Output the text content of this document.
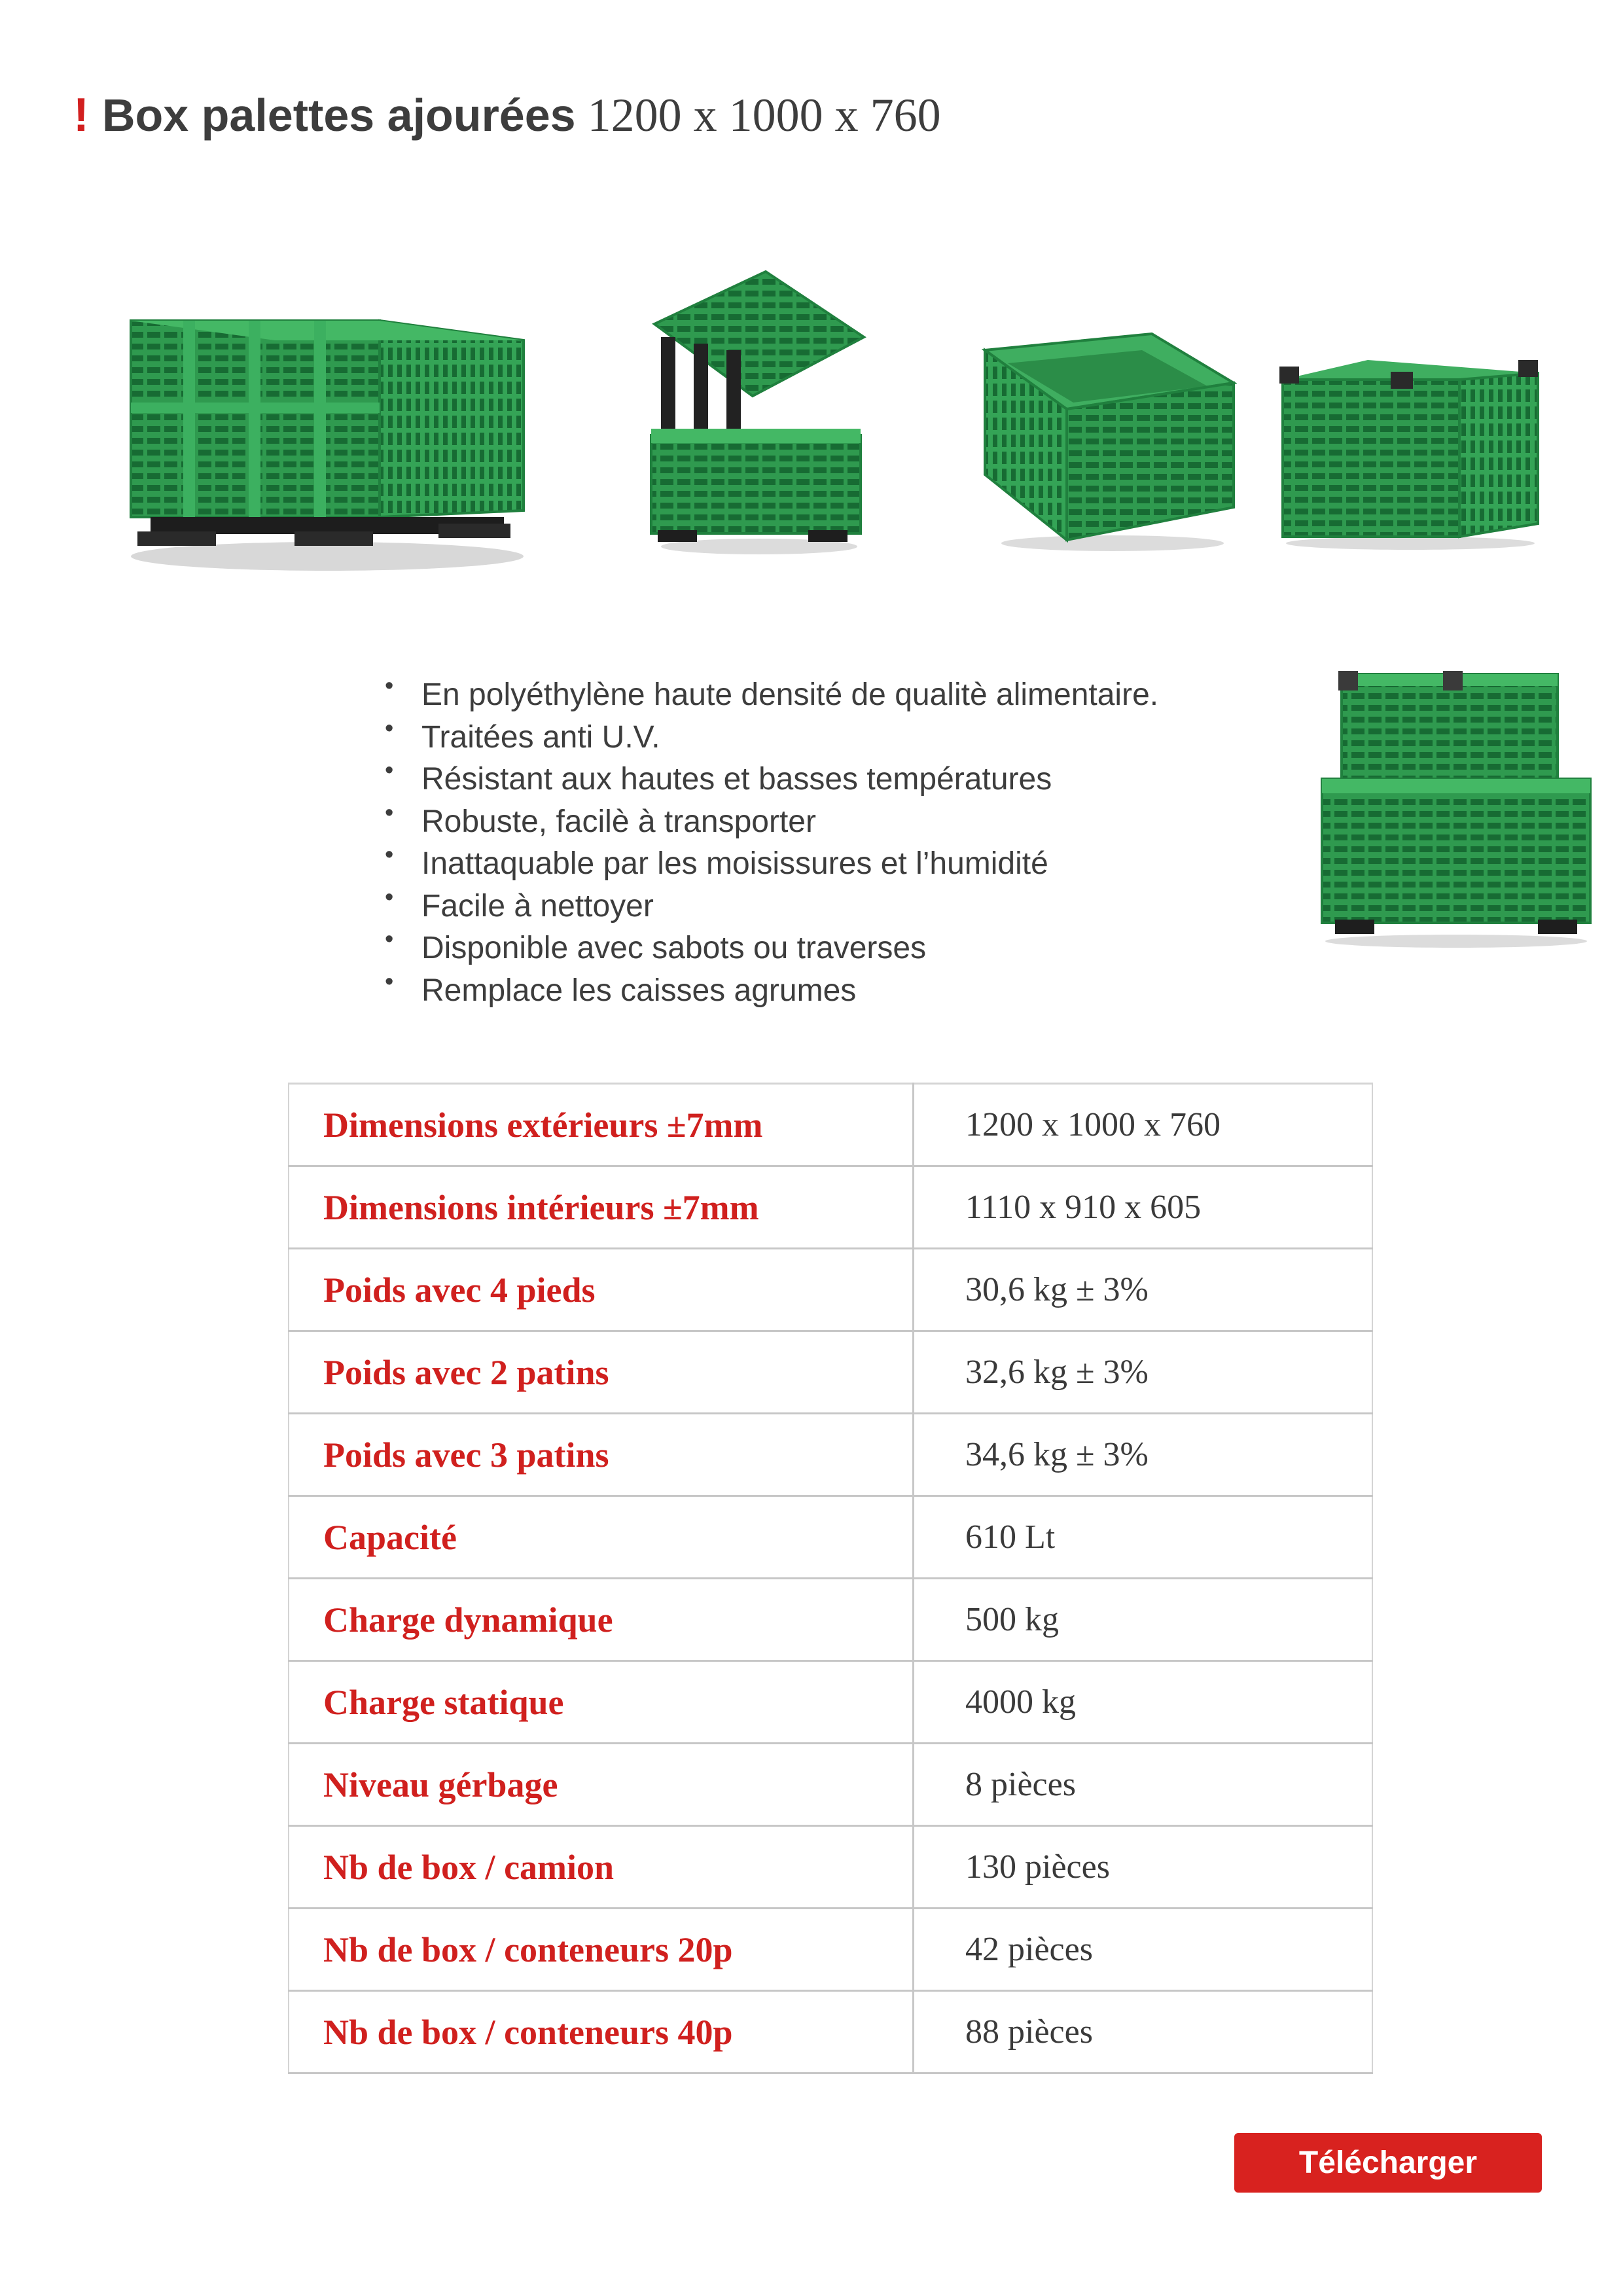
! Box palettes ajourées 1200 x 1000 x 760
• En polyéthylène haute densité de qualitè alimentaire.
• Traitées anti U.V.
• Résistant aux hautes et basses températures
• Robuste, facilè à transporter
• Inattaquable par les moisissures et l’humidité
• Facile à nettoyer
• Disponible avec sabots ou traverses
• Remplace les caisses agrumes
Dimensions extérieurs ±7mm	1200 x 1000 x 760
Dimensions intérieurs ±7mm	1110 x 910 x 605
Poids avec 4 pieds	30,6 kg ± 3%
Poids avec 2 patins	32,6 kg ± 3%
Poids avec 3 patins	34,6 kg ± 3%
Capacité	610 Lt
Charge dynamique	500 kg
Charge statique	4000 kg
Niveau gérbage	8 pièces
Nb de box / camion	130 pièces
Nb de box / conteneurs 20p	42 pièces
Nb de box / conteneurs 40p	88 pièces
Télécharger
